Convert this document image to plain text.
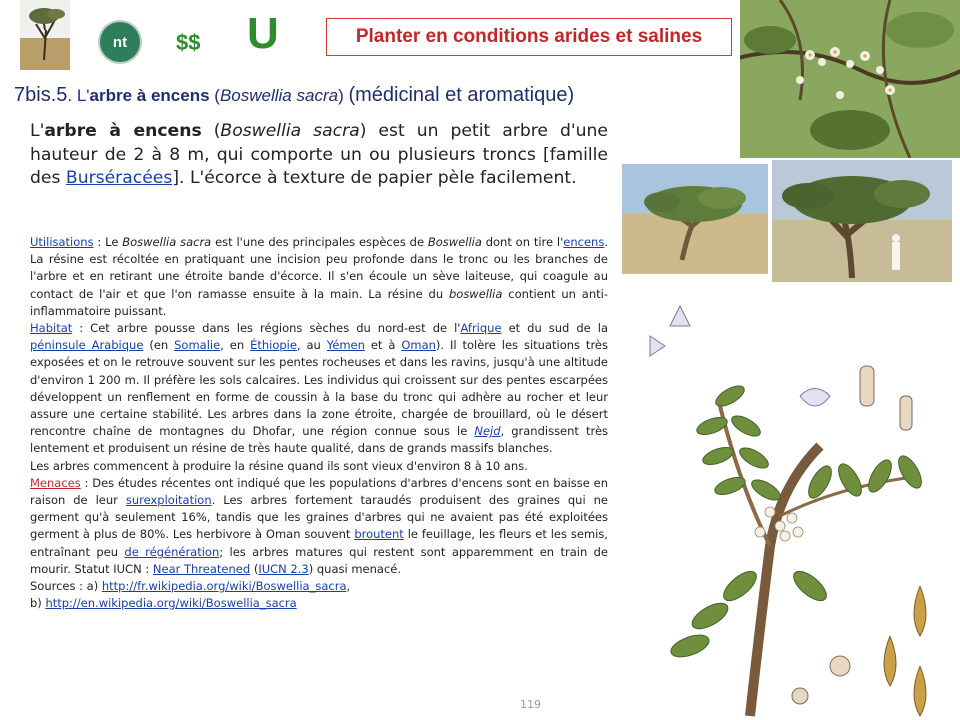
nt $$ U	Planter en conditions arides et salines
7bis.5. L'arbre à encens (Boswellia sacra) (médicinal et aromatique)
L'arbre à encens (Boswellia sacra) est un petit arbre d'une hauteur de 2 à 8 m, qui comporte un ou plusieurs troncs [famille des Burséracées]. L'écorce à texture de papier pèle facilement.

Utilisations : Le Boswellia sacra est l'une des principales espèces de Boswellia dont on tire l'encens. La résine est récoltée en pratiquant une incision peu profonde dans le tronc ou les branches de l'arbre et en retirant une étroite bande d'écorce. Il s'en écoule un sève laiteuse, qui coagule au contact de l'air et que l'on ramasse ensuite à la main. La résine du boswellia contient un anti-inflammatoire puissant.

Habitat : Cet arbre pousse dans les régions sèches du nord-est de l'Afrique et du sud de la péninsule Arabique (en Somalie, en Éthiopie, au Yémen et à Oman). Il tolère les situations très exposées et on le retrouve souvent sur les pentes rocheuses et dans les ravins, jusqu'à une altitude d'environ 1 200 m. Il préfère les sols calcaires. Les individus qui croissent sur des pentes escarpées développent un renflement en forme de coussin à la base du tronc qui adhère au rocher et leur assure une certaine stabilité. Les arbres dans la zone étroite, chargée de brouillard, où le désert rencontre chaîne de montagnes du Dhofar, une région connue sous le Nejd, grandissent très lentement et produisent un résine de très haute qualité, dans de grands massifs blanches.

Les arbres commencent à produire la résine quand ils sont vieux d'environ 8 à 10 ans.

Menaces : Des études récentes ont indiqué que les populations d'arbres d'encens sont en baisse en raison de leur surexploitation. Les arbres fortement taraudés produisent des graines qui ne germent qu'à seulement 16%, tandis que les graines d'arbres qui ne avaient pas été exploitées germent à plus de 80%. Les herbivore à Oman souvent broutent le feuillage, les fleurs et les semis, entraînant peu de régénération; les arbres matures qui restent sont apparemment en train de mourir. Statut IUCN : Near Threatened (IUCN 2.3) quasi menacé.

Sources : a) http://fr.wikipedia.org/wiki/Boswellia_sacra,

b) http://en.wikipedia.org/wiki/Boswellia_sacra

119
